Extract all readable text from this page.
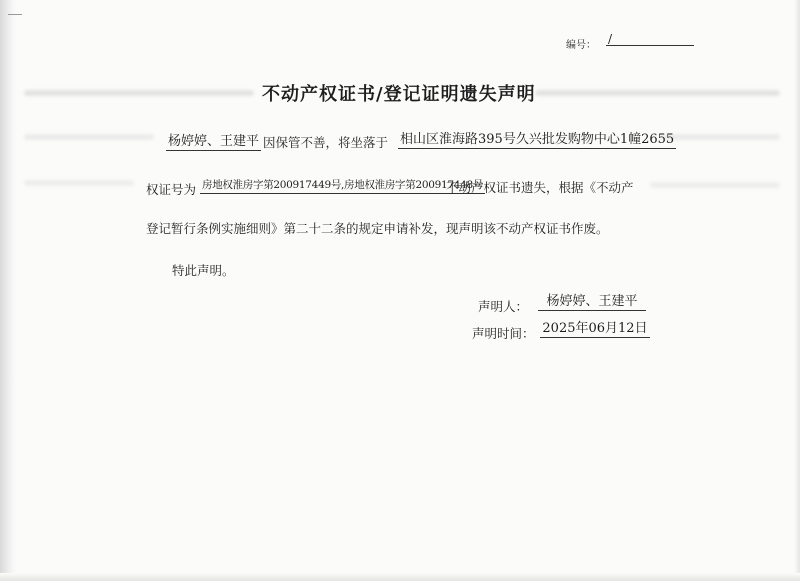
编号： /
不动产权证书/登记证明遗失声明
杨婷婷、王建平 因保管不善，将坐落于 相山区淮海路395号久兴批发购物中心1幢2655
权证号为 房地权淮房字第200917449号,房地权淮房字第200917448号
不动产权证书遗失，根据《不动产
登记暂行条例实施细则》第二十二条的规定申请补发，现声明该不动产权证书作废。
特此声明。
声明人：	杨婷婷、王建平
声明时间： 2025年06月12日
